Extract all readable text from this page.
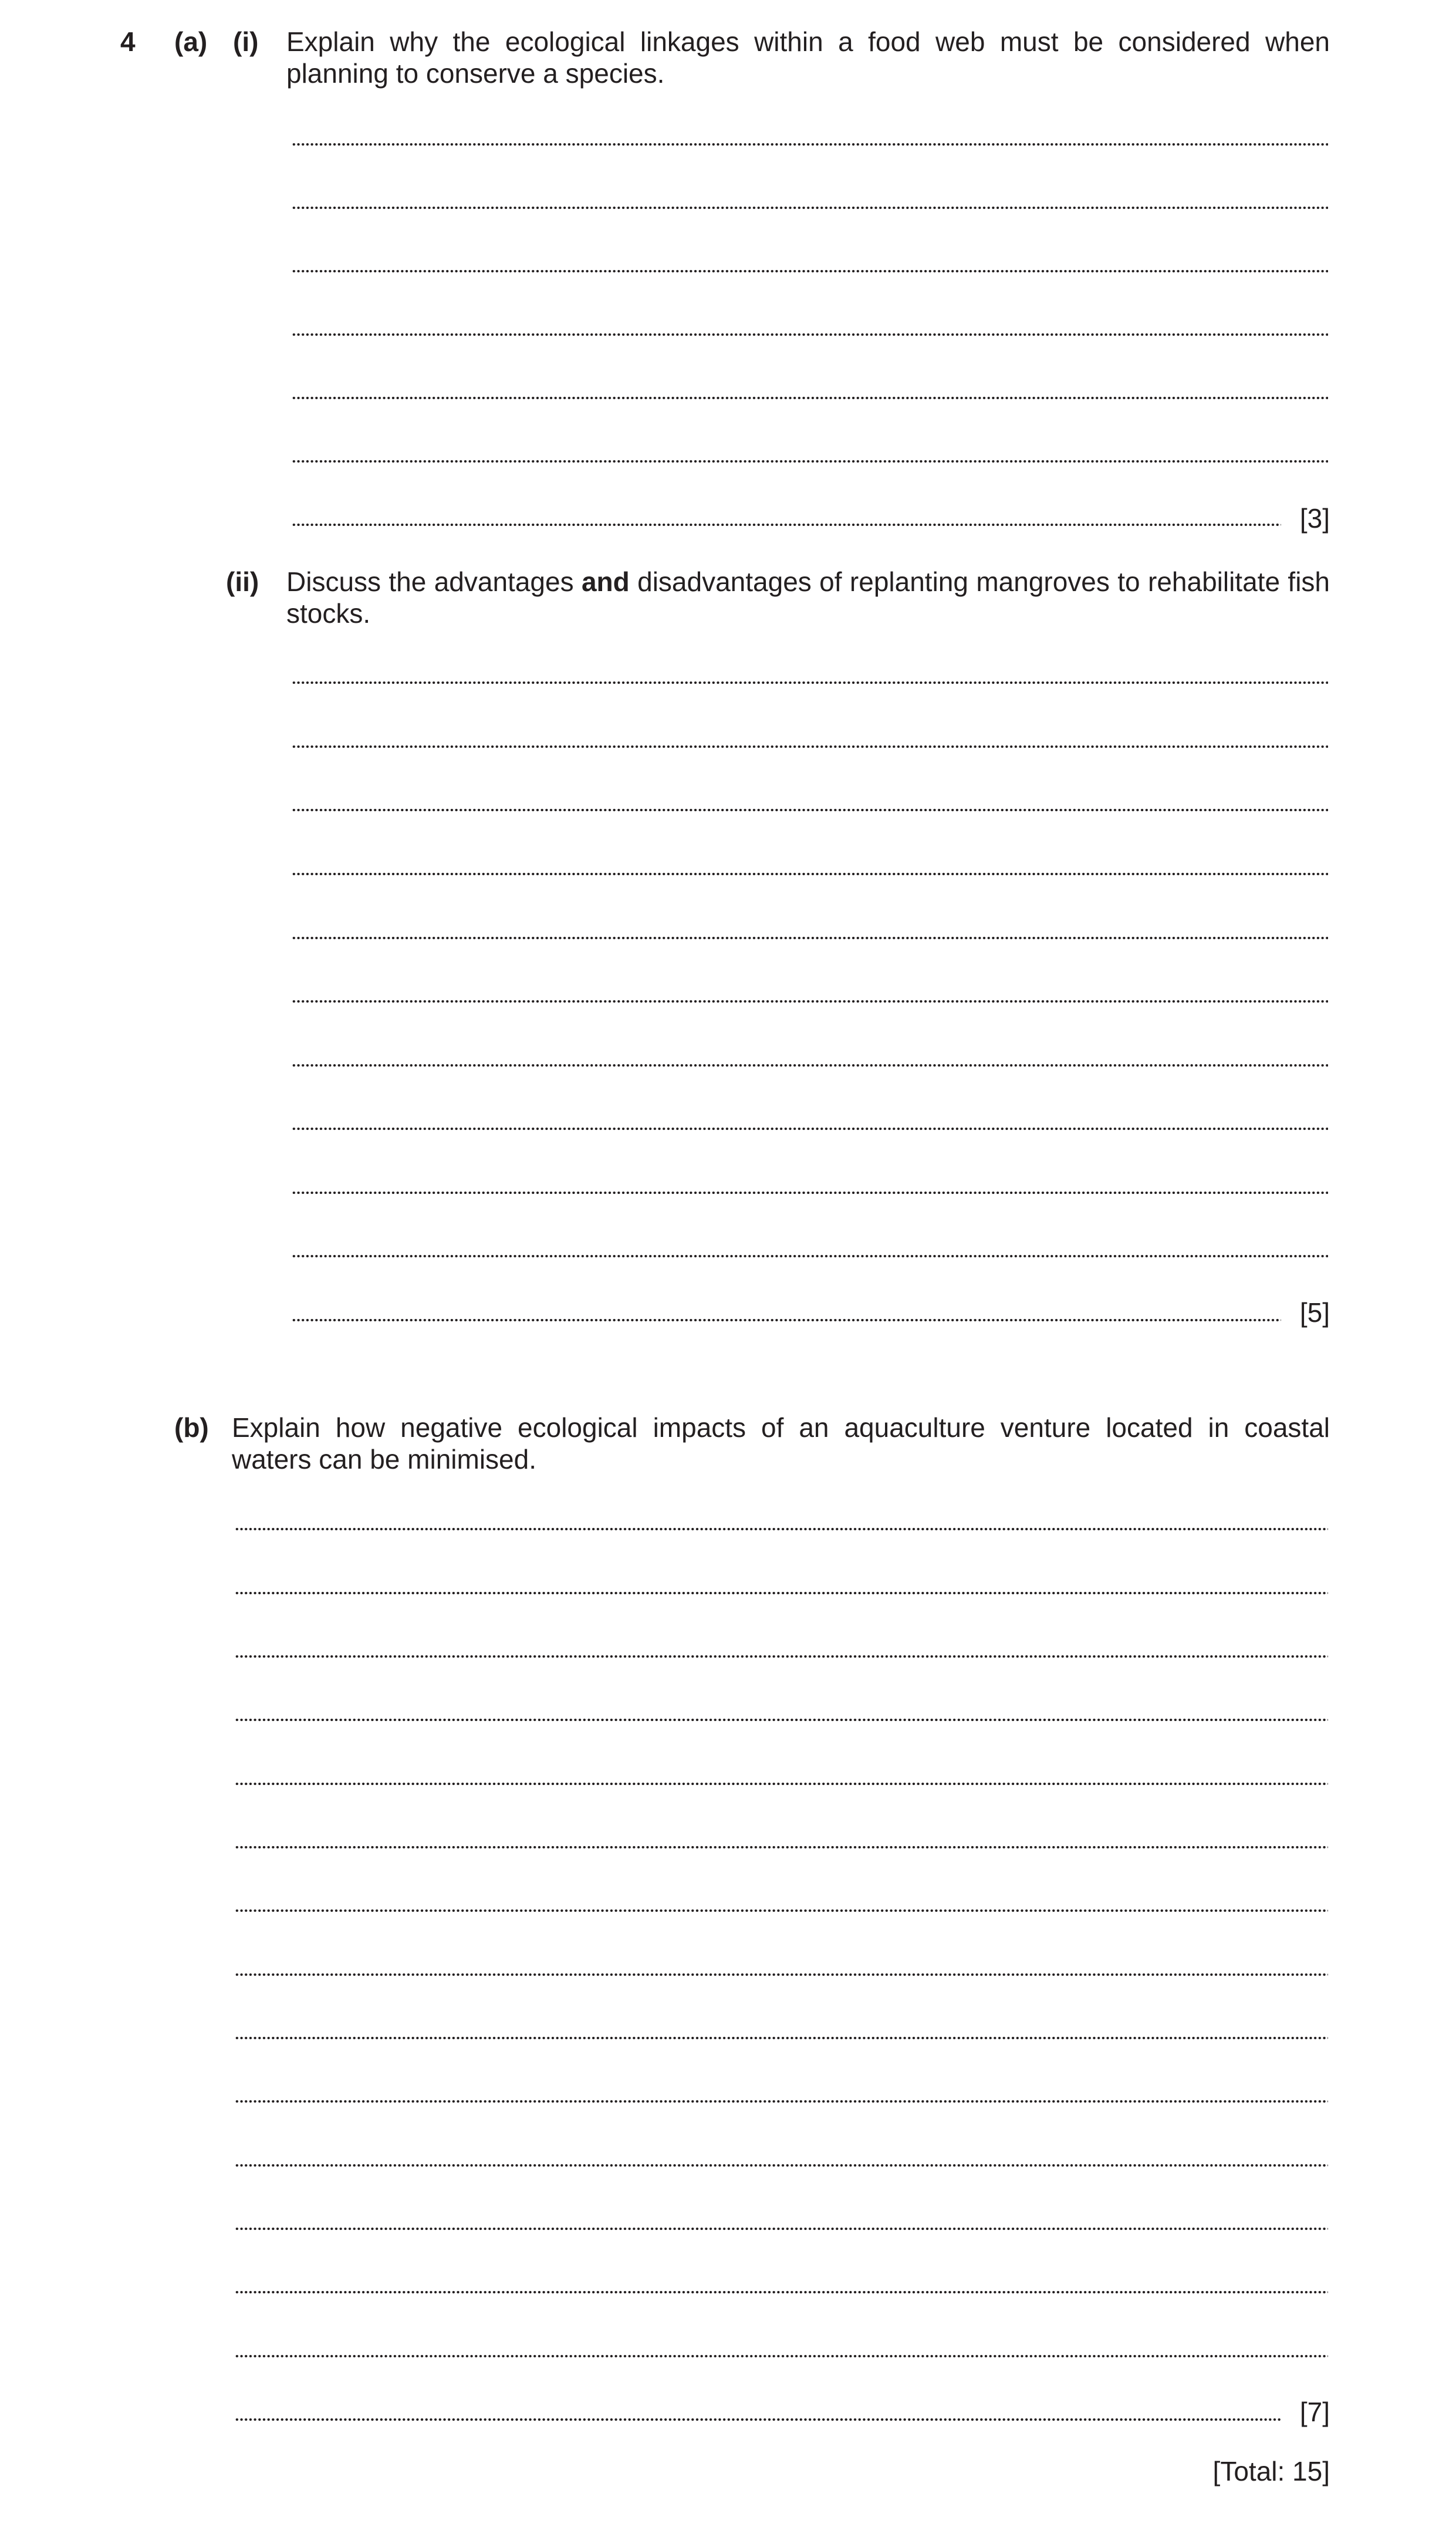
4 (a) (i) Explain why the ecological linkages within a food web must be considered when planning to conserve a species.
[3]
(ii) Discuss the advantages and disadvantages of replanting mangroves to rehabilitate fish stocks.
[5]
(b) Explain how negative ecological impacts of an aquaculture venture located in coastal waters can be minimised.
[7]
[Total: 15]
